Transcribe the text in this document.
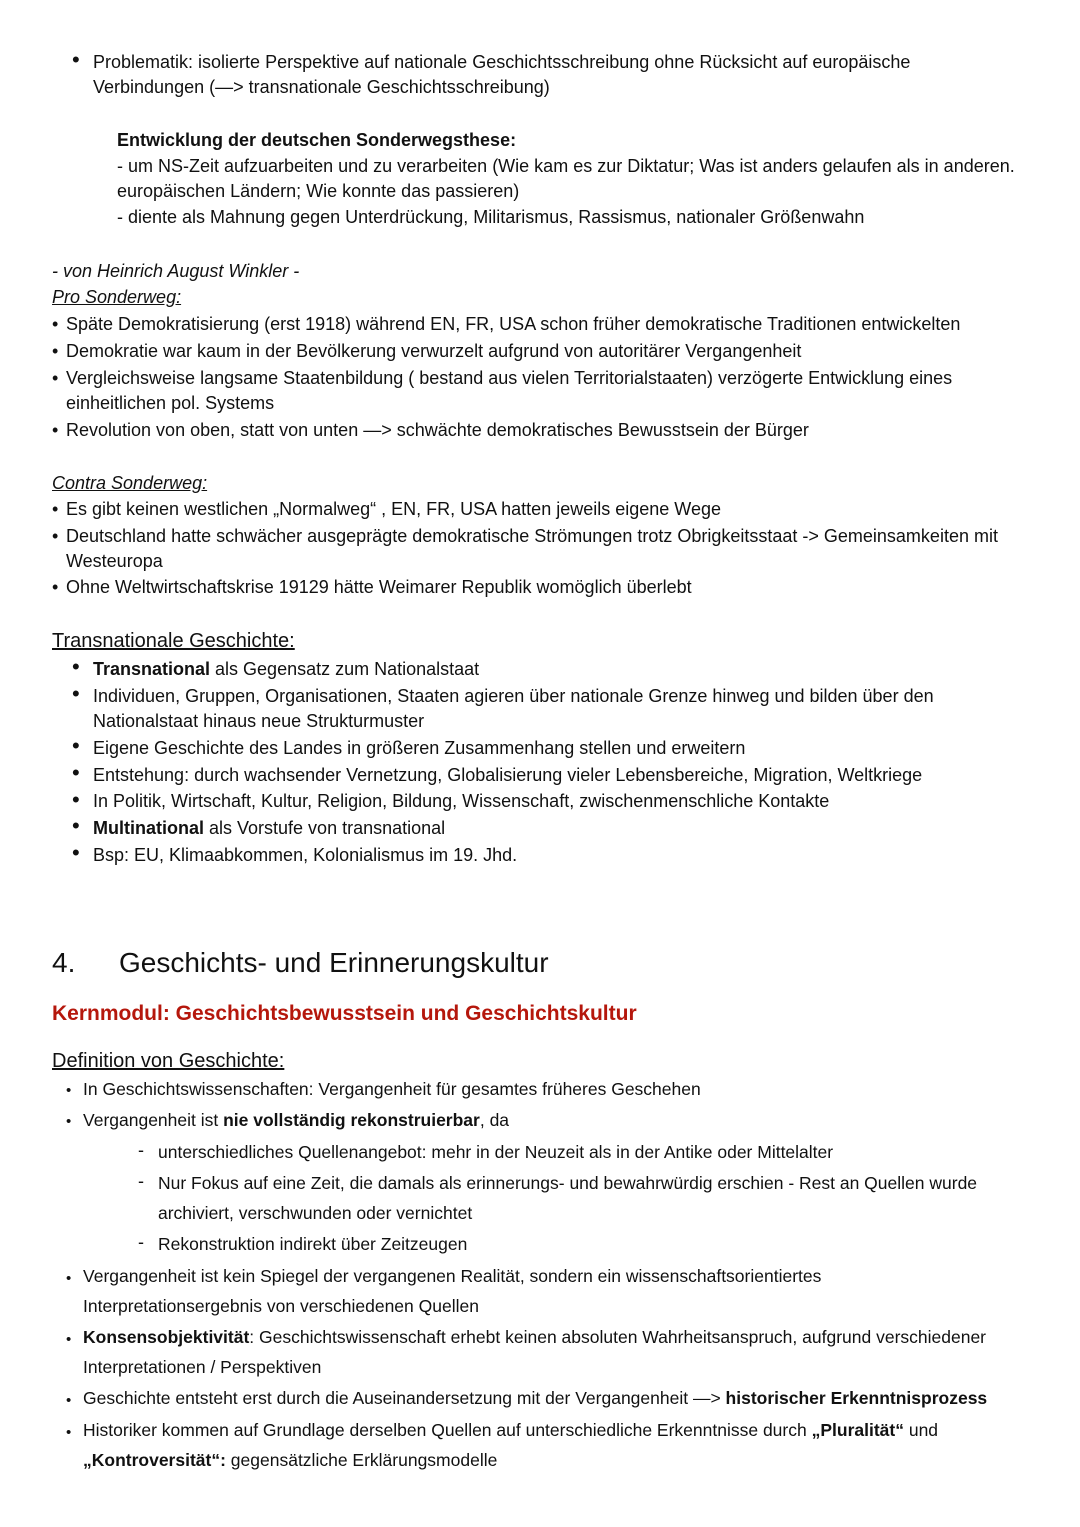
• Problematik: isolierte Perspektive auf nationale Geschichtsschreibung ohne Rücksicht auf europäische
Verbindungen (—> transnationale Geschichtsschreibung)
Entwicklung der deutschen Sonderwegsthese:
- um NS-Zeit aufzuarbeiten und zu verarbeiten (Wie kam es zur Diktatur; Was ist anders gelaufen als in anderen.
europäischen Ländern; Wie konnte das passieren)
- diente als Mahnung gegen Unterdrückung, Militarismus, Rassismus, nationaler Größenwahn
- von Heinrich August Winkler -
Pro Sonderweg:
• Späte Demokratisierung (erst 1918) während EN, FR, USA schon früher demokratische Traditionen entwickelten
• Demokratie war kaum in der Bevölkerung verwurzelt aufgrund von autoritärer Vergangenheit
• Vergleichsweise langsame Staatenbildung ( bestand aus vielen Territorialstaaten) verzögerte Entwicklung eines
einheitlichen pol. Systems
• Revolution von oben, statt von unten —> schwächte demokratisches Bewusstsein der Bürger
Contra Sonderweg:
• Es gibt keinen westlichen „Normalweg“ , EN, FR, USA hatten jeweils eigene Wege
• Deutschland hatte schwächer ausgeprägte demokratische Strömungen trotz Obrigkeitsstaat -> Gemeinsamkeiten mit
Westeuropa
• Ohne Weltwirtschaftskrise 19129 hätte Weimarer Republik womöglich überlebt
Transnationale Geschichte:
• Transnational als Gegensatz zum Nationalstaat
• Individuen, Gruppen, Organisationen, Staaten agieren über nationale Grenze hinweg und bilden über den
Nationalstaat hinaus neue Strukturmuster
• Eigene Geschichte des Landes in größeren Zusammenhang stellen und erweitern
• Entstehung: durch wachsender Vernetzung, Globalisierung vieler Lebensbereiche, Migration, Weltkriege
• In Politik, Wirtschaft, Kultur, Religion, Bildung, Wissenschaft, zwischenmenschliche Kontakte
• Multinational als Vorstufe von transnational
• Bsp: EU, Klimaabkommen, Kolonialismus im 19. Jhd.
4. Geschichts- und Erinnerungskultur
Kernmodul: Geschichtsbewusstsein und Geschichtskultur
Definition von Geschichte:
• In Geschichtswissenschaften: Vergangenheit für gesamtes früheres Geschehen
• Vergangenheit ist nie vollständig rekonstruierbar, da
- unterschiedliches Quellenangebot: mehr in der Neuzeit als in der Antike oder Mittelalter
- Nur Fokus auf eine Zeit, die damals als erinnerungs- und bewahrwürdig erschien - Rest an Quellen wurde
archiviert, verschwunden oder vernichtet
- Rekonstruktion indirekt über Zeitzeugen
• Vergangenheit ist kein Spiegel der vergangenen Realität, sondern ein wissenschaftsorientiertes
Interpretationsergebnis von verschiedenen Quellen
• Konsensobjektivität: Geschichtswissenschaft erhebt keinen absoluten Wahrheitsanspruch, aufgrund verschiedener
Interpretationen / Perspektiven
• Geschichte entsteht erst durch die Auseinandersetzung mit der Vergangenheit —> historischer Erkenntnisprozess
• Historiker kommen auf Grundlage derselben Quellen auf unterschiedliche Erkenntnisse durch „Pluralität“ und
„Kontroversität“: gegensätzliche Erklärungsmodelle
